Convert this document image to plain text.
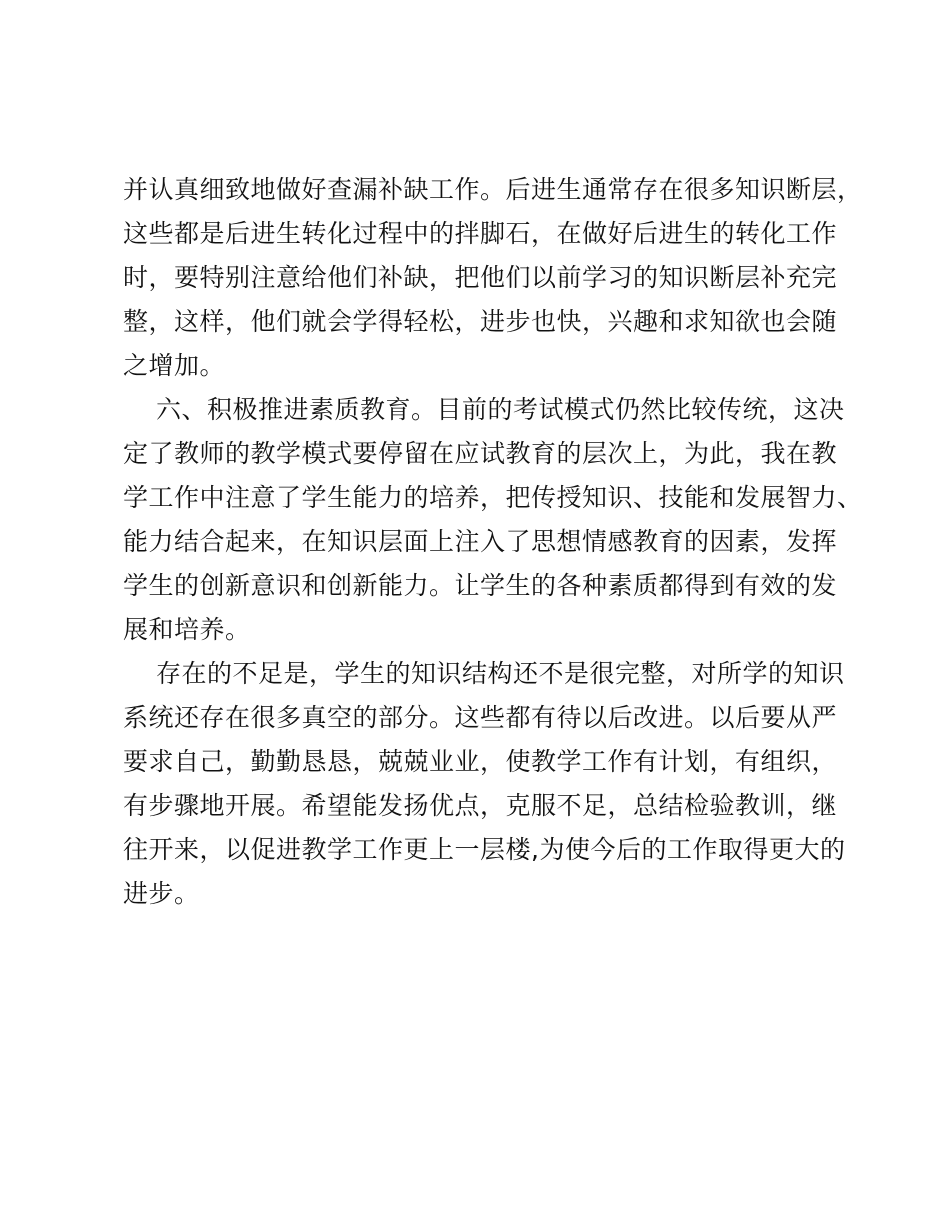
并认真细致地做好查漏补缺工作。后进生通常存在很多知识断层，
这些都是后进生转化过程中的拌脚石，在做好后进生的转化工作
时，要特别注意给他们补缺，把他们以前学习的知识断层补充完
整，这样，他们就会学得轻松，进步也快，兴趣和求知欲也会随
之增加。
六、积极推进素质教育。目前的考试模式仍然比较传统，这决
定了教师的教学模式要停留在应试教育的层次上，为此，我在教
学工作中注意了学生能力的培养，把传授知识、技能和发展智力、
能力结合起来，在知识层面上注入了思想情感教育的因素，发挥
学生的创新意识和创新能力。让学生的各种素质都得到有效的发
展和培养。
存在的不足是，学生的知识结构还不是很完整，对所学的知识
系统还存在很多真空的部分。这些都有待以后改进。以后要从严
要求自己，勤勤恳恳，兢兢业业，使教学工作有计划，有组织，
有步骤地开展。希望能发扬优点，克服不足，总结检验教训，继
往开来，以促进教学工作更上一层楼,为使今后的工作取得更大的
进步。
